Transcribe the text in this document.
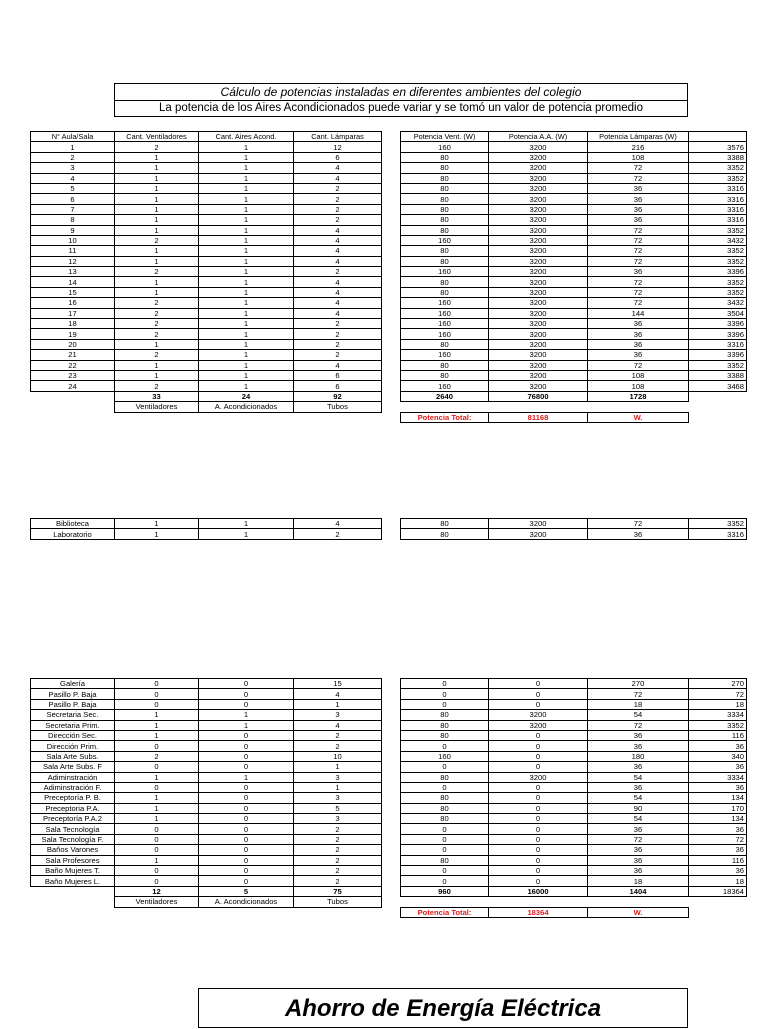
Cálculo de potencias instaladas en diferentes ambientes del colegio
La potencia de los Aires Acondicionados puede variar y se tomó un valor de potencia promedio
N° Aula/Sala	Cant. Ventiladores	Cant. Aires Acond.	Cant. Lámparas
1	2	1	12
2	1	1	6
3	1	1	4
4	1	1	4
5	1	1	2
6	1	1	2
7	1	1	2
8	1	1	2
9	1	1	4
10	2	1	4
11	1	1	4
12	1	1	4
13	2	1	2
14	1	1	4
15	1	1	4
16	2	1	4
17	2	1	4
18	2	1	2
19	2	1	2
20	1	1	2
21	2	1	2
22	1	1	4
23	1	1	6
24	2	1	6
	33	24	92
	Ventiladores	A. Acondicionados	Tubos
Potencia Vent. (W)	Potencia A.A. (W)	Potencia Lámparas (W)	
160	3200	216	3576
80	3200	108	3388
80	3200	72	3352
80	3200	72	3352
80	3200	36	3316
80	3200	36	3316
80	3200	36	3316
80	3200	36	3316
80	3200	72	3352
160	3200	72	3432
80	3200	72	3352
80	3200	72	3352
160	3200	36	3396
80	3200	72	3352
80	3200	72	3352
160	3200	72	3432
160	3200	144	3504
160	3200	36	3396
160	3200	36	3396
80	3200	36	3316
160	3200	36	3396
80	3200	72	3352
80	3200	108	3388
160	3200	108	3468
2640	76800	1728	

Potencia Total:	81168	W.	
Biblioteca	1	1	4
Laboratorio	1	1	2
80	3200	72	3352
80	3200	36	3316
Galería	0	0	15
Pasillo P. Baja	0	0	4
Pasillo P. Baja	0	0	1
Secretaria Sec.	1	1	3
Secretaria Prim.	1	1	4
Dirección Sec.	1	0	2
Dirección Prim.	0	0	2
Sala Arte Subs.	2	0	10
Sala Arte Subs. F	0	0	1
Adiminstración	1	1	3
Adiminstración F.	0	0	1
Preceptoría P. B.	1	0	3
Preceptoria P.A.	1	0	5
Preceptoría P.A.2	1	0	3
Sala Tecnología	0	0	2
Sala Tecnología F.	0	0	2
Baños Varones	0	0	2
Sala Profesores	1	0	2
Baño Mujeres T.	0	0	2
Baño Mujeres L.	0	0	2
	12	5	75
	Ventiladores	A. Acondicionados	Tubos
0	0	270	270
0	0	72	72
0	0	18	18
80	3200	54	3334
80	3200	72	3352
80	0	36	116
0	0	36	36
160	0	180	340
0	0	36	36
80	3200	54	3334
0	0	36	36
80	0	54	134
80	0	90	170
80	0	54	134
0	0	36	36
0	0	72	72
0	0	36	36
80	0	36	116
0	0	36	36
0	0	18	18
960	16000	1404	18364

Potencia Total:	18364	W.	
Ahorro de Energía Eléctrica
